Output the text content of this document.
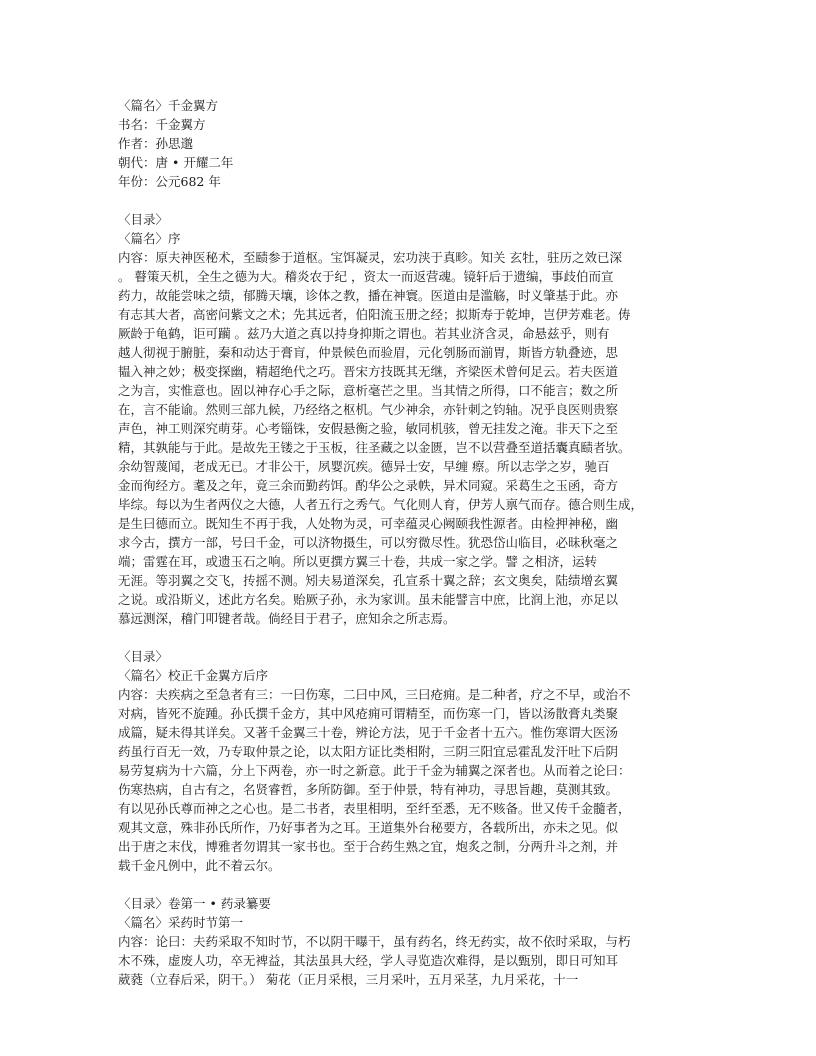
〈篇名〉千金翼方
书名：千金翼方
作者：孙思邈
朝代：唐 • 开耀二年
年份：公元682 年
〈目录〉
〈篇名〉序
内容：原夫神医秘术，至赜参于道枢。宝饵凝灵，宏功浃于真畛。知关 玄牡，驻历之效已深
。 瞽策天机，全生之德为大。稽炎农于纪 ，资太一而返营魂。镜轩后于遗编，事歧伯而宣
药力，故能尝味之绩，郁腾天壤，诊体之教，播在神寰。医道由是滥觞，时义肇基于此。亦
有志其大者，高密问紫文之术；先其远者，伯阳流玉册之经；拟斯寿于乾坤，岂伊芳难老。俦
厥龄于龟鹤，讵可躏 。兹乃大道之真以持身抑斯之谓也。若其业济含灵，命悬兹乎，则有
越人彻视于腑脏，秦和动达于膏肓，仲景候色而验眉，元化刳肠而湔胃，斯皆方轨叠迹，思
韫入神之妙；极变探幽，精超绝代之巧。晋宋方技既其无继，齐梁医术曾何足云。若夫医道
之为言，实惟意也。固以神存心手之际，意析毫芒之里。当其情之所得，口不能言；数之所
在，言不能谕。然则三部九候，乃经络之枢机。气少神余，亦针刺之钧轴。况乎良医则贵察
声色，神工则深究萌芽。心考锱铢，安假悬衡之验，敏同机骇，曾无挂发之淹。非天下之至
精，其孰能与于此。是故先王镂之于玉板，往圣藏之以金匮，岂不以营叠至道括囊真赜者欤。
余幼智蔑闻，老成无已。才非公干，夙婴沉疾。德异士安，早缠 瘵。所以志学之岁，驰百
金而徇经方。耄及之年，竟三余而勤药饵。酌华公之录帙，异术同窥。采葛生之玉函，奇方
毕综。每以为生者两仪之大德，人者五行之秀气。气化则人育，伊芳人禀气而存。德合则生成，
是生曰德而立。既知生不再于我，人处物为灵，可幸蕴灵心阙颐我性源者。由检押神秘，幽
求今古，撰方一部，号曰千金，可以济物摄生，可以穷微尽性。犹恐岱山临目，必昧秋毫之
端；雷霆在耳，或遗玉石之响。所以更撰方翼三十卷，共成一家之学。譬 之相济，运转
无涯。等羽翼之交飞，抟摇不测。矧夫易道深矣，孔宣系十翼之辞；玄文奥矣，陆绩增玄翼
之说。或沿斯义，述此方名矣。贻厥子孙，永为家训。虽未能譬言中庶，比润上池，亦足以
慕远测深，稽门叩键者哉。倘经目于君子，庶知余之所志焉。
〈目录〉
〈篇名〉校正千金翼方后序
内容：夫疾病之至急者有三：一曰伤寒，二曰中风，三曰疮痈。是二种者，疗之不早，或治不
对病，皆死不旋踵。孙氏撰千金方，其中风疮痈可谓精至，而伤寒一门，皆以汤散膏丸类聚
成篇，疑未得其详矣。又著千金翼三十卷，辨论方法，见于千金者十五六。惟伤寒谓大医汤
药虽行百无一效，乃专取仲景之论，以太阳方证比类相附，三阴三阳宜忌霍乱发汗吐下后阴
易劳复病为十六篇，分上下两卷，亦一时之新意。此于千金为辅翼之深者也。从而着之论曰：
伤寒热病，自古有之，名贤睿哲，多所防御。至于仲景，特有神功，寻思旨趣，莫测其致。
有以见孙氏尊而神之之心也。是二书者，表里相明，至纤至悉，无不赅备。世又传千金髓者，
观其文意，殊非孙氏所作，乃好事者为之耳。王道集外台秘要方，各载所出，亦未之见。似
出于唐之末伐，博雅者勿谓其一家书也。至于合药生熟之宜，炮炙之制，分两升斗之剂，并
载千金凡例中，此不着云尔。
〈目录〉卷第一 • 药录纂要
〈篇名〉采药时节第一
内容：论曰：夫药采取不知时节，不以阴干曝干，虽有药名，终无药实，故不依时采取，与朽
木不殊，虚废人功，卒无裨益，其法虽具大经，学人寻览造次难得，是以甄别，即日可知耳
葳蕤（立春后采，阴干。） 菊花（正月采根，三月采叶，五月采茎，九月采花，十一
